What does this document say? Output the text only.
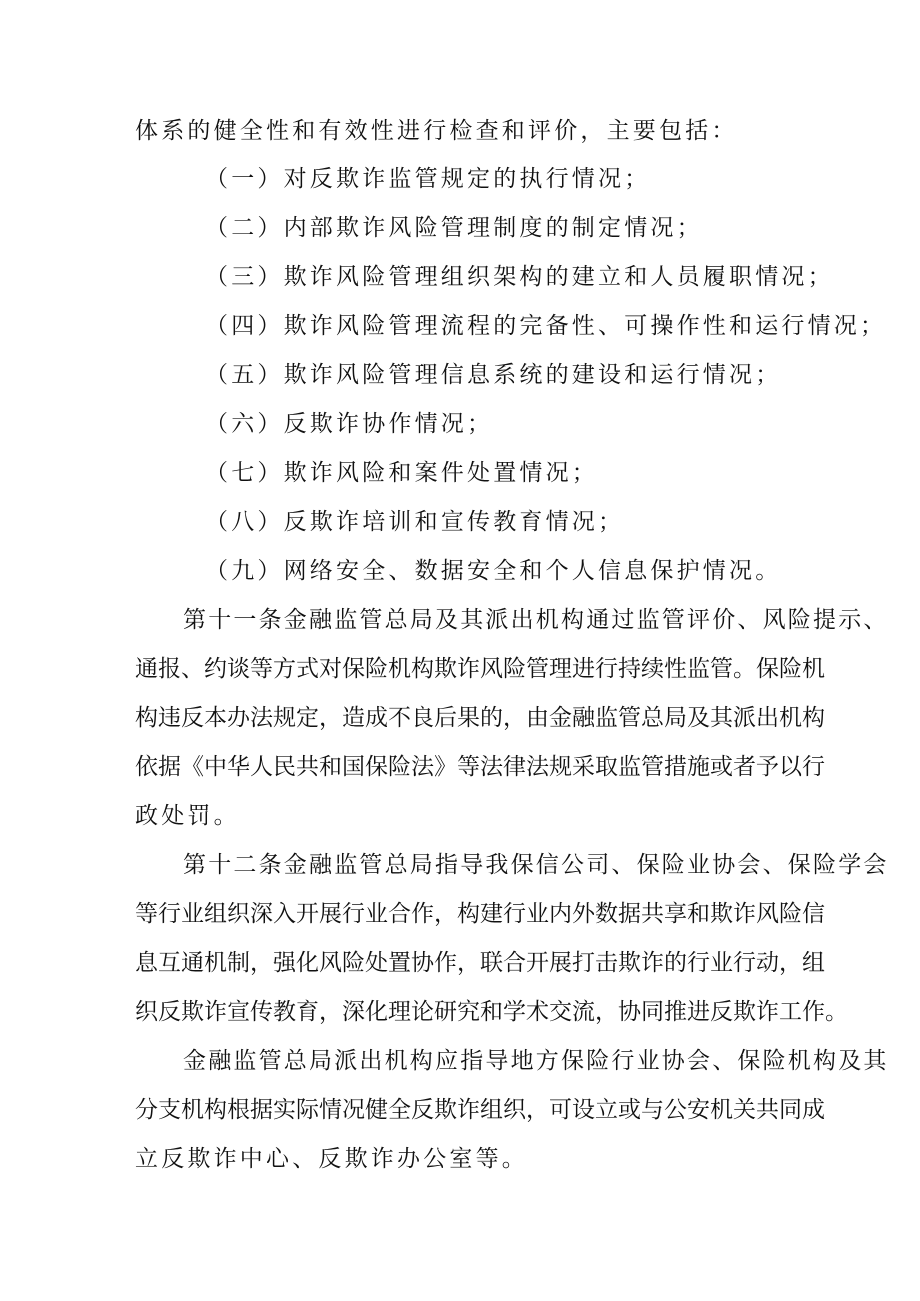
体系的健全性和有效性进行检查和评价，主要包括：
（一）对反欺诈监管规定的执行情况；
（二）内部欺诈风险管理制度的制定情况；
（三）欺诈风险管理组织架构的建立和人员履职情况；
（四）欺诈风险管理流程的完备性、可操作性和运行情况；
（五）欺诈风险管理信息系统的建设和运行情况；
（六）反欺诈协作情况；
（七）欺诈风险和案件处置情况；
（八）反欺诈培训和宣传教育情况；
（九）网络安全、数据安全和个人信息保护情况。
第十一条金融监管总局及其派出机构通过监管评价、风险提示、
通报、约谈等方式对保险机构欺诈风险管理进行持续性监管。保险机
构违反本办法规定，造成不良后果的，由金融监管总局及其派出机构
依据《中华人民共和国保险法》等法律法规采取监管措施或者予以行
政处罚。
第十二条金融监管总局指导我保信公司、保险业协会、保险学会
等行业组织深入开展行业合作，构建行业内外数据共享和欺诈风险信
息互通机制，强化风险处置协作，联合开展打击欺诈的行业行动，组
织反欺诈宣传教育，深化理论研究和学术交流，协同推进反欺诈工作。
金融监管总局派出机构应指导地方保险行业协会、保险机构及其
分支机构根据实际情况健全反欺诈组织，可设立或与公安机关共同成
立反欺诈中心、反欺诈办公室等。
